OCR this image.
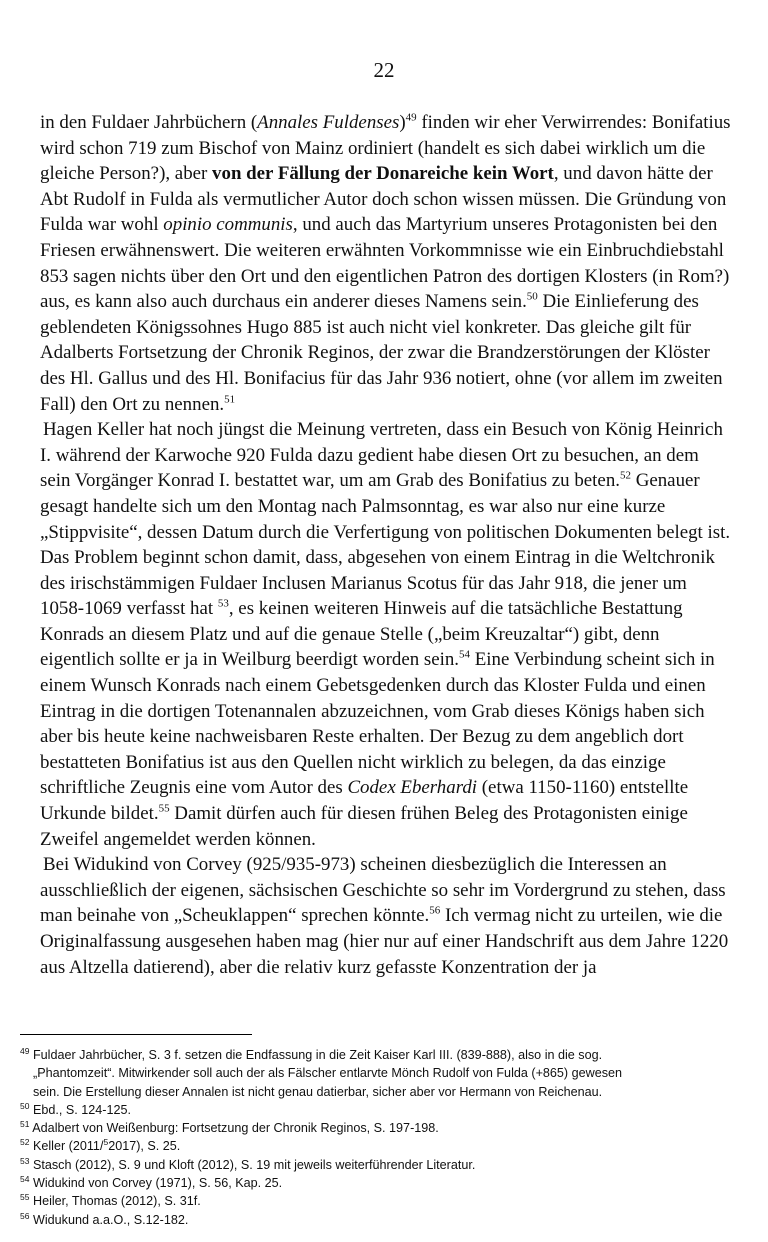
22

in den Fuldaer Jahrbüchern (Annales Fuldenses)$^{49}$ finden wir eher Verwirrendes: Bonifatius wird schon 719 zum Bischof von Mainz ordiniert (handelt es sich dabei wirklich um die gleiche Person?), aber von der Fällung der Donareiche kein Wort, und davon hätte der Abt Rudolf in Fulda als vermutlicher Autor doch schon wissen müssen. Die Gründung von Fulda war wohl opinio communis, und auch das Martyrium unseres Protagonisten bei den Friesen erwähnenswert. Die weiteren erwähnten Vorkommnisse wie ein Einbruchdiebstahl 853 sagen nichts über den Ort und den eigentlichen Patron des dortigen Klosters (in Rom?) aus, es kann also auch durchaus ein anderer dieses Namens sein.$^{50}$ Die Einlieferung des geblendeten Königssohnes Hugo 885 ist auch nicht viel konkreter. Das gleiche gilt für Adalberts Fortsetzung der Chronik Reginos, der zwar die Brandzerstörungen der Klöster des Hl. Gallus und des Hl. Bonifacius für das Jahr 936 notiert, ohne (vor allem im zweiten Fall) den Ort zu nennen.$^{51}$

Hagen Keller hat noch jüngst die Meinung vertreten, dass ein Besuch von König Heinrich I. während der Karwoche 920 Fulda dazu gedient habe diesen Ort zu besuchen, an dem sein Vorgänger Konrad I. bestattet war, um am Grab des Bonifatius zu beten.$^{52}$ Genauer gesagt handelte sich um den Montag nach Palmsonntag, es war also nur eine kurze „Stippvisite“, dessen Datum durch die Verfertigung von politischen Dokumenten belegt ist. Das Problem beginnt schon damit, dass, abgesehen von einem Eintrag in die Weltchronik des irischstämmigen Fuldaer Inclusen Marianus Scotus für das Jahr 918, die jener um 1058-1069 verfasst hat $^{53}$, es keinen weiteren Hinweis auf die tatsächliche Bestattung Konrads an diesem Platz und auf die genaue Stelle („beim Kreuzaltar“) gibt, denn eigentlich sollte er ja in Weilburg beerdigt worden sein.$^{54}$ Eine Verbindung scheint sich in einem Wunsch Konrads nach einem Gebetsgedenken durch das Kloster Fulda und einen Eintrag in die dortigen Totenannalen abzuzeichnen, vom Grab dieses Königs haben sich aber bis heute keine nachweisbaren Reste erhalten. Der Bezug zu dem angeblich dort bestatteten Bonifatius ist aus den Quellen nicht wirklich zu belegen, da das einzige schriftliche Zeugnis eine vom Autor des Codex Eberhardi (etwa 1150-1160) entstellte Urkunde bildet.$^{55}$ Damit dürfen auch für diesen frühen Beleg des Protagonisten einige Zweifel angemeldet werden können.

Bei Widukind von Corvey (925/935-973) scheinen diesbezüglich die Interessen an ausschließlich der eigenen, sächsischen Geschichte so sehr im Vordergrund zu stehen, dass man beinahe von „Scheuklappen“ sprechen könnte.$^{56}$ Ich vermag nicht zu urteilen, wie die Originalfassung ausgesehen haben mag (hier nur auf einer Handschrift aus dem Jahre 1220 aus Altzella datierend), aber die relativ kurz gefasste Konzentration der ja

$^{49}$ Fuldaer Jahrbücher, S. 3 f. setzen die Endfassung in die Zeit Kaiser Karl III. (839-888), also in die sog.
„Phantomzeit“. Mitwirkender soll auch der als Fälscher entlarvte Mönch Rudolf von Fulda (+865) gewesen
sein. Die Erstellung dieser Annalen ist nicht genau datierbar, sicher aber vor Hermann von Reichenau.
$^{50}$ Ebd., S. 124-125.
$^{51}$ Adalbert von Weißenburg: Fortsetzung der Chronik Reginos, S. 197-198.
$^{52}$ Keller (2011/$^5$2017), S. 25.
$^{53}$ Stasch (2012), S. 9 und Kloft (2012), S. 19 mit jeweils weiterführender Literatur.
$^{54}$ Widukind von Corvey (1971), S. 56, Kap. 25.
$^{55}$ Heiler, Thomas (2012), S. 31f.
$^{56}$ Widukund a.a.O., S.12-182.
